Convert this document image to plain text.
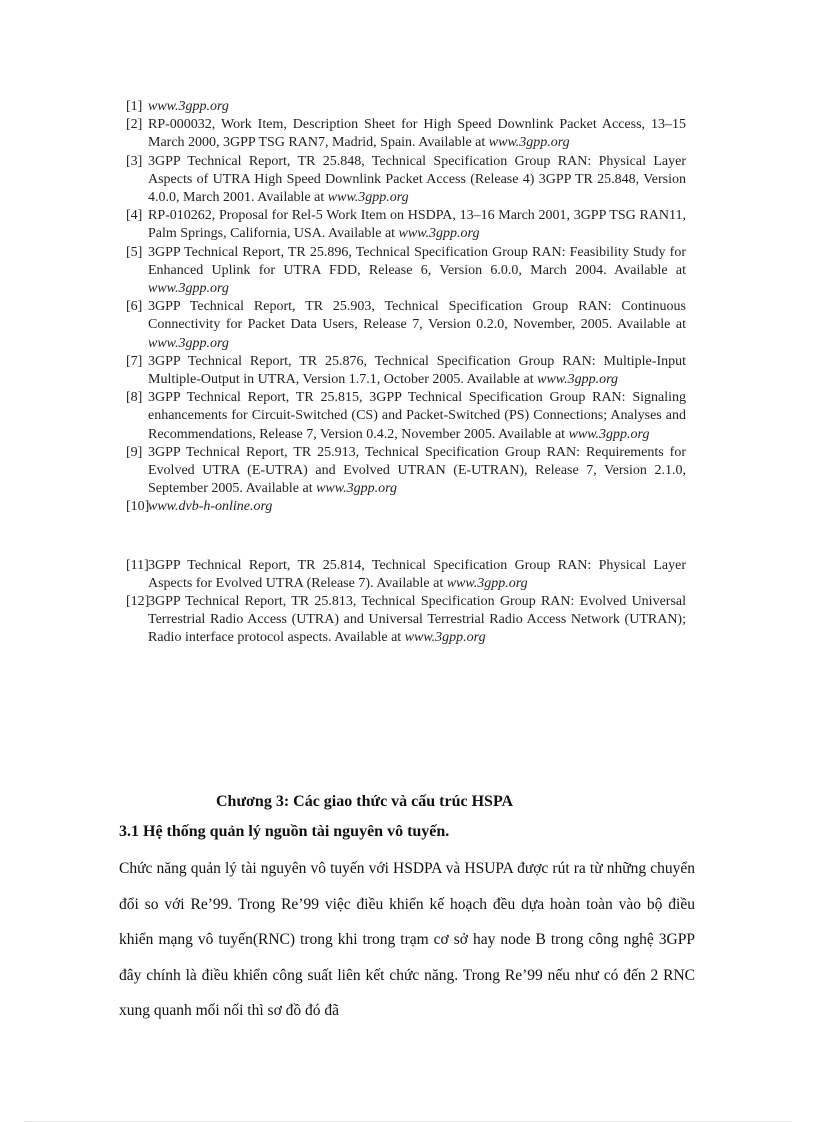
[1] www.3gpp.org
[2] RP-000032, Work Item, Description Sheet for High Speed Downlink Packet Access, 13–15 March 2000, 3GPP TSG RAN7, Madrid, Spain. Available at www.3gpp.org
[3] 3GPP Technical Report, TR 25.848, Technical Specification Group RAN: Physical Layer Aspects of UTRA High Speed Downlink Packet Access (Release 4) 3GPP TR 25.848, Version 4.0.0, March 2001. Available at www.3gpp.org
[4] RP-010262, Proposal for Rel-5 Work Item on HSDPA, 13–16 March 2001, 3GPP TSG RAN11, Palm Springs, California, USA. Available at www.3gpp.org
[5] 3GPP Technical Report, TR 25.896, Technical Specification Group RAN: Feasibility Study for Enhanced Uplink for UTRA FDD, Release 6, Version 6.0.0, March 2004. Available at www.3gpp.org
[6] 3GPP Technical Report, TR 25.903, Technical Specification Group RAN: Continuous Connectivity for Packet Data Users, Release 7, Version 0.2.0, November, 2005. Available at www.3gpp.org
[7] 3GPP Technical Report, TR 25.876, Technical Specification Group RAN: Multiple-Input Multiple-Output in UTRA, Version 1.7.1, October 2005. Available at www.3gpp.org
[8] 3GPP Technical Report, TR 25.815, 3GPP Technical Specification Group RAN: Signaling enhancements for Circuit-Switched (CS) and Packet-Switched (PS) Connections; Analyses and Recommendations, Release 7, Version 0.4.2, November 2005. Available at www.3gpp.org
[9] 3GPP Technical Report, TR 25.913, Technical Specification Group RAN: Requirements for Evolved UTRA (E-UTRA) and Evolved UTRAN (E-UTRAN), Release 7, Version 2.1.0, September 2005. Available at www.3gpp.org
[10]
www.dvb-h-online.org
[11] 3GPP Technical Report, TR 25.814, Technical Specification Group RAN: Physical Layer Aspects for Evolved UTRA (Release 7). Available at www.3gpp.org
[12]
3GPP Technical Report, TR 25.813, Technical Specification Group RAN: Evolved Universal Terrestrial Radio Access (UTRA) and Universal Terrestrial Radio Access Network (UTRAN); Radio interface protocol aspects. Available at www.3gpp.org
Chương 3: Các giao thức và cấu trúc HSPA
3.1 Hệ thống quản lý nguồn tài nguyên vô tuyến.
Chức năng quản lý tài nguyên vô tuyến với HSDPA và HSUPA được rút ra từ những chuyển đổi so với Re’99. Trong Re’99 việc điều khiển kế hoạch đều dựa hoàn toàn vào bộ điều khiển mạng vô tuyến(RNC) trong khi trong trạm cơ sở hay node B trong công nghệ 3GPP đây chính là điều khiển công suất liên kết chức năng. Trong Re’99 nếu như có đến 2 RNC xung quanh mối nối thì sơ đồ đó đã
